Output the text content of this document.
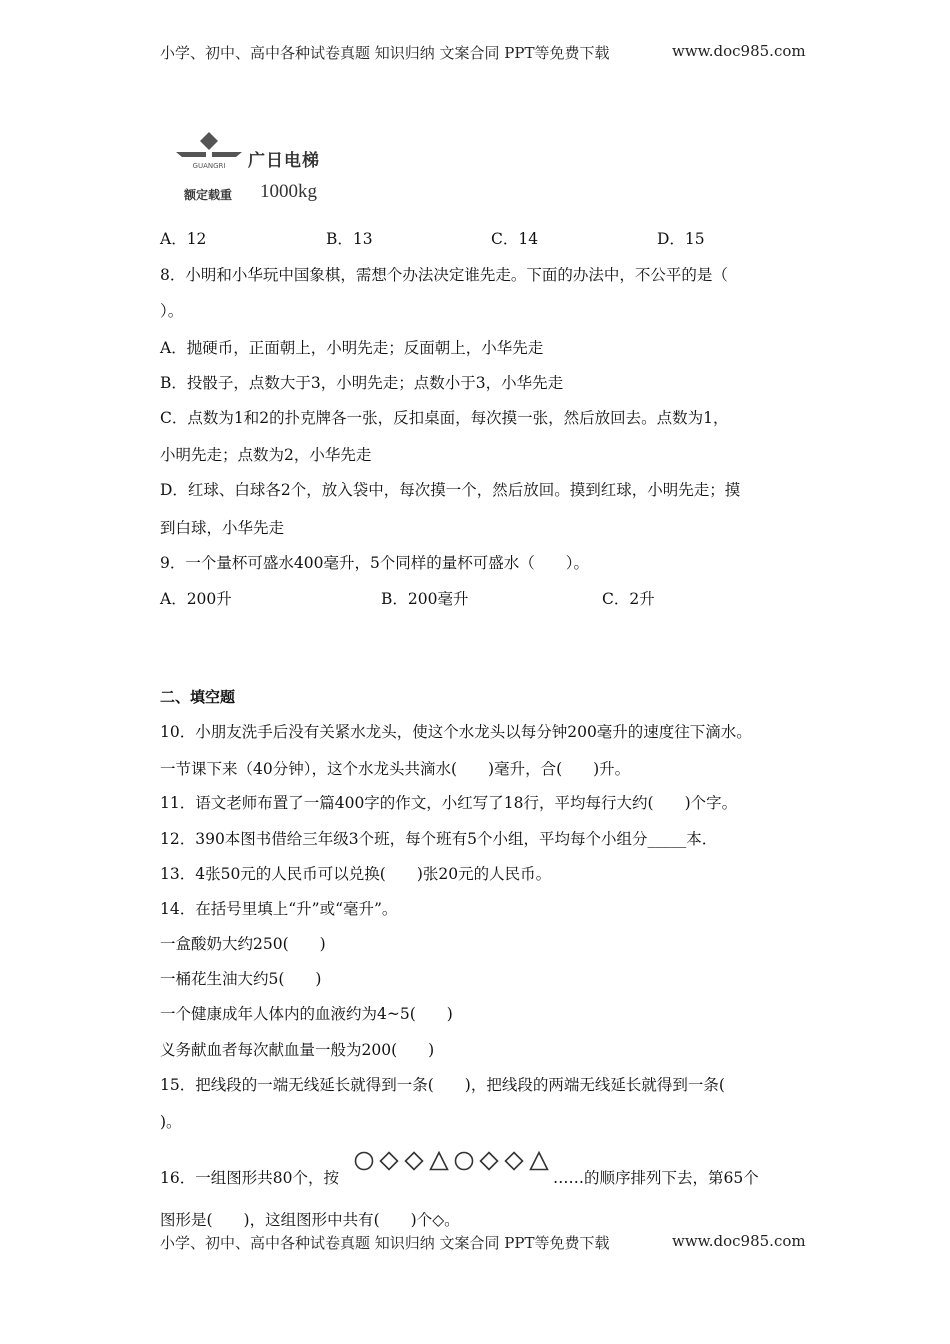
小学、初中、高中各种试卷真题 知识归纳 文案合同 PPT等免费下载	www.doc985.com
GUANGRI 广日电梯
额定载重 1000kg
A．12	B．13	C．14	D．15
8．小明和小华玩中国象棋，需想个办法决定谁先走。下面的办法中，不公平的是（
）。
A．抛硬币，正面朝上，小明先走；反面朝上，小华先走
B．投骰子，点数大于3，小明先走；点数小于3，小华先走
C．点数为1和2的扑克牌各一张，反扣桌面，每次摸一张，然后放回去。点数为1，
小明先走；点数为2，小华先走
D．红球、白球各2个，放入袋中，每次摸一个，然后放回。摸到红球，小明先走；摸
到白球，小华先走
9．一个量杯可盛水400毫升，5个同样的量杯可盛水（　　）。
A．200升	B．200毫升	C．2升
二、填空题
10．小朋友洗手后没有关紧水龙头，使这个水龙头以每分钟200毫升的速度往下滴水。
一节课下来（40分钟），这个水龙头共滴水(　　)毫升，合(　　)升。
11．语文老师布置了一篇400字的作文，小红写了18行，平均每行大约(　　)个字。
12．390本图书借给三年级3个班，每个班有5个小组，平均每个小组分_____本．
13．4张50元的人民币可以兑换(　　)张20元的人民币。
14．在括号里填上“升”或“毫升”。
一盒酸奶大约250(　　)
一桶花生油大约5(　　)
一个健康成年人体内的血液约为4~5(　　)
义务献血者每次献血量一般为200(　　)
15．把线段的一端无线延长就得到一条(　　)，把线段的两端无线延长就得到一条(
)。
16．一组图形共80个，按	……的顺序排列下去，第65个
图形是(　　)，这组图形中共有(　　)个◇。
小学、初中、高中各种试卷真题 知识归纳 文案合同 PPT等免费下载	www.doc985.com
